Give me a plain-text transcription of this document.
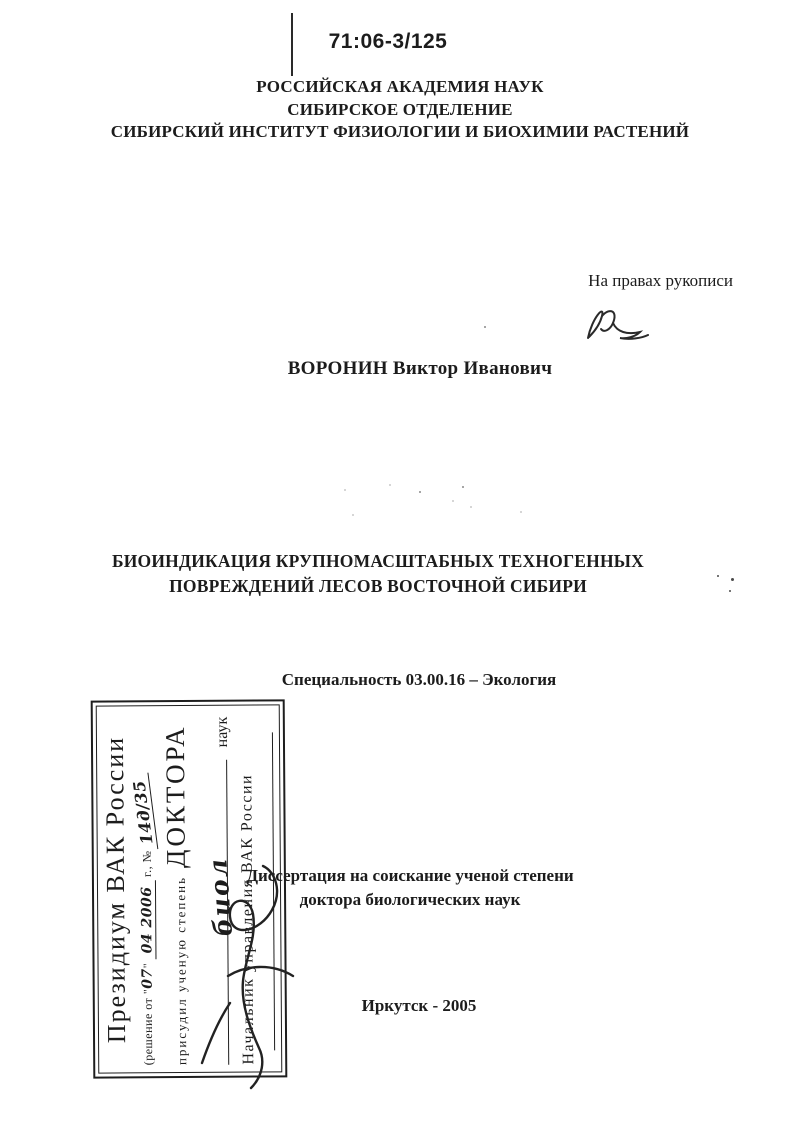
71:06-3/125
РОССИЙСКАЯ АКАДЕМИЯ НАУК
СИБИРСКОЕ ОТДЕЛЕНИЕ
СИБИРСКИЙ ИНСТИТУТ ФИЗИОЛОГИИ И БИОХИМИИ РАСТЕНИЙ
На правах рукописи
ВОРОНИН Виктор Иванович
БИОИНДИКАЦИЯ КРУПНОМАСШТАБНЫХ ТЕХНОГЕННЫХ
ПОВРЕЖДЕНИЙ ЛЕСОВ ВОСТОЧНОЙ СИБИРИ
Специальность 03.00.16 – Экология
Президиум ВАК России (решение от "07" 04 2006 г., №14д/35
присудил ученую степень
ДОКТОРА
биол
наук
Начальник управления ВАК России
Диссертация на соискание ученой степени
доктора биологических наук
Иркутск - 2005
